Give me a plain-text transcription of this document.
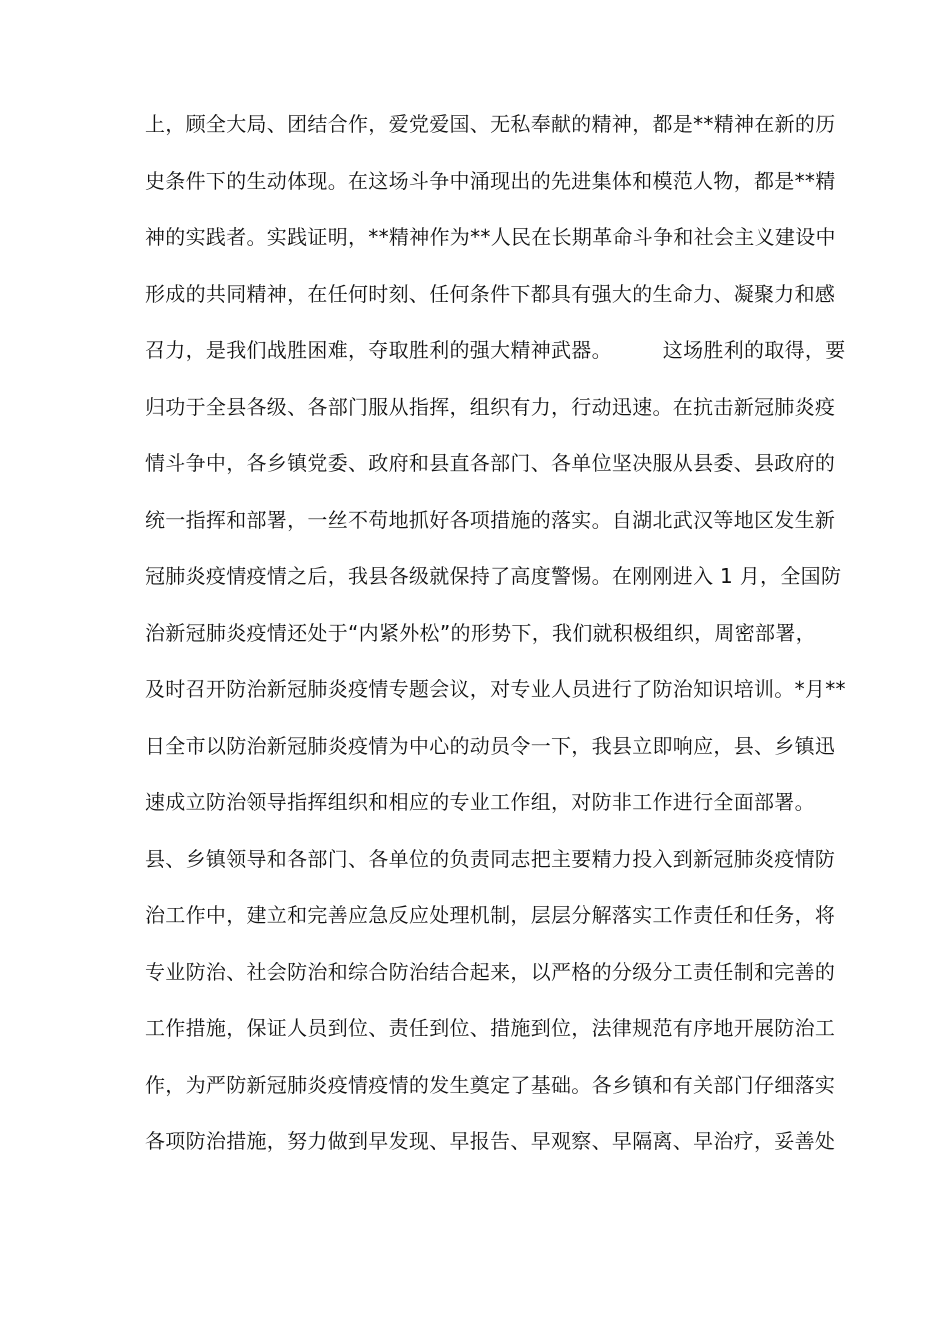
上，顾全大局、团结合作，爱党爱国、无私奉献的精神，都是**精神在新的历
史条件下的生动体现。在这场斗争中涌现出的先进集体和模范人物，都是**精
神的实践者。实践证明，**精神作为**人民在长期革命斗争和社会主义建设中
形成的共同精神，在任何时刻、任何条件下都具有强大的生命力、凝聚力和感
召力，是我们战胜困难，夺取胜利的强大精神武器。　　　这场胜利的取得，要
归功于全县各级、各部门服从指挥，组织有力，行动迅速。在抗击新冠肺炎疫
情斗争中，各乡镇党委、政府和县直各部门、各单位坚决服从县委、县政府的
统一指挥和部署，一丝不苟地抓好各项措施的落实。自湖北武汉等地区发生新
冠肺炎疫情疫情之后，我县各级就保持了高度警惕。在刚刚进入 1 月，全国防
治新冠肺炎疫情还处于“内紧外松”的形势下，我们就积极组织，周密部署，
及时召开防治新冠肺炎疫情专题会议，对专业人员进行了防治知识培训。*月**
日全市以防治新冠肺炎疫情为中心的动员令一下，我县立即响应，县、乡镇迅
速成立防治领导指挥组织和相应的专业工作组，对防非工作进行全面部署。
县、乡镇领导和各部门、各单位的负责同志把主要精力投入到新冠肺炎疫情防
治工作中，建立和完善应急反应处理机制，层层分解落实工作责任和任务，将
专业防治、社会防治和综合防治结合起来，以严格的分级分工责任制和完善的
工作措施，保证人员到位、责任到位、措施到位，法律规范有序地开展防治工
作，为严防新冠肺炎疫情疫情的发生奠定了基础。各乡镇和有关部门仔细落实
各项防治措施，努力做到早发现、早报告、早观察、早隔离、早治疗，妥善处
